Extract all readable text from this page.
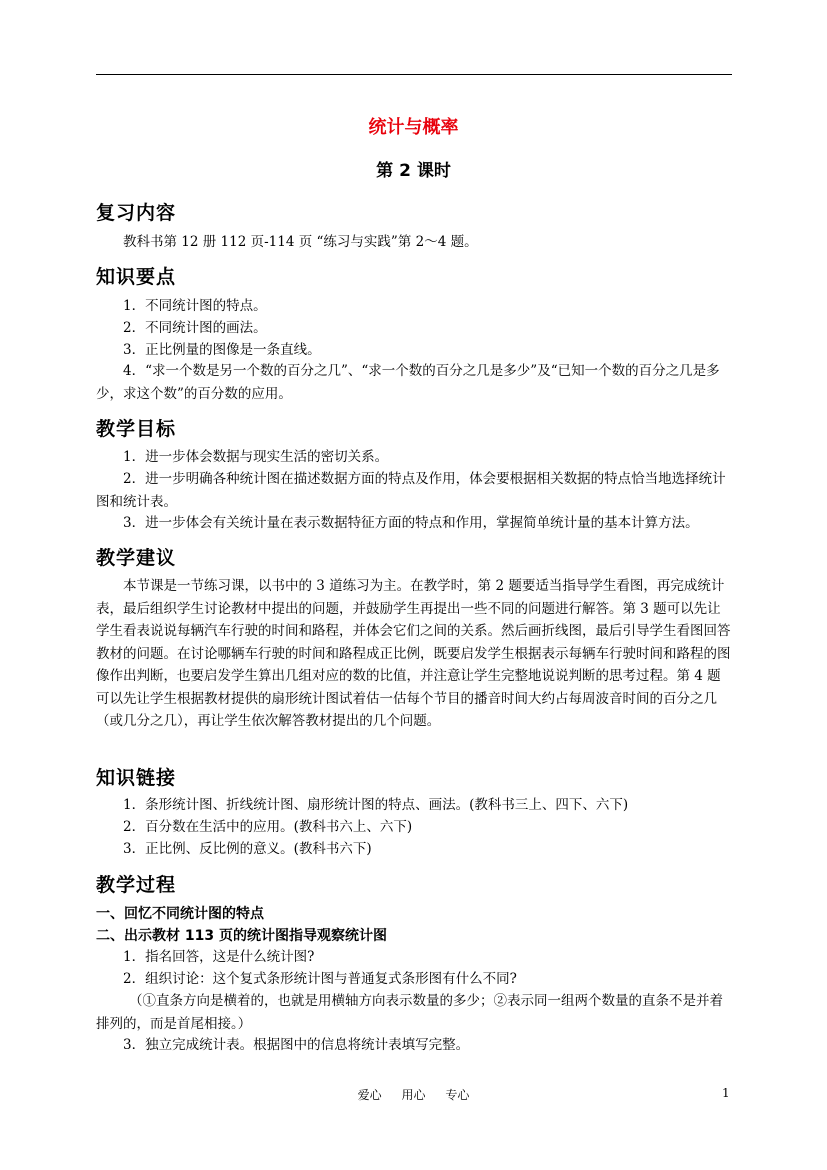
统计与概率
第 2 课时
复习内容
教科书第 12 册 112 页-114 页 “练习与实践”第 2～4 题。
知识要点
1．不同统计图的特点。
2．不同统计图的画法。
3．正比例量的图像是一条直线。
4．“求一个数是另一个数的百分之几”、“求一个数的百分之几是多少”及“已知一个数的百分之几是多少，求这个数”的百分数的应用。
教学目标
1．进一步体会数据与现实生活的密切关系。
2．进一步明确各种统计图在描述数据方面的特点及作用，体会要根据相关数据的特点恰当地选择统计图和统计表。
3．进一步体会有关统计量在表示数据特征方面的特点和作用，掌握简单统计量的基本计算方法。
教学建议
本节课是一节练习课，以书中的 3 道练习为主。在教学时，第 2 题要适当指导学生看图，再完成统计表，最后组织学生讨论教材中提出的问题，并鼓励学生再提出一些不同的问题进行解答。第 3 题可以先让学生看表说说每辆汽车行驶的时间和路程，并体会它们之间的关系。然后画折线图，最后引导学生看图回答教材的问题。在讨论哪辆车行驶的时间和路程成正比例，既要启发学生根据表示每辆车行驶时间和路程的图像作出判断，也要启发学生算出几组对应的数的比值，并注意让学生完整地说说判断的思考过程。第 4 题可以先让学生根据教材提供的扇形统计图试着估一估每个节目的播音时间大约占每周波音时间的百分之几（或几分之几），再让学生依次解答教材提出的几个问题。
知识链接
1．条形统计图、折线统计图、扇形统计图的特点、画法。(教科书三上、四下、六下)
2．百分数在生活中的应用。(教科书六上、六下)
3．正比例、反比例的意义。(教科书六下)
教学过程
一、回忆不同统计图的特点
二、出示教材 113 页的统计图指导观察统计图
1．指名回答，这是什么统计图?
2．组织讨论：这个复式条形统计图与普通复式条形图有什么不同?
（①直条方向是横着的，也就是用横轴方向表示数量的多少；②表示同一组两个数量的直条不是并着排列的，而是首尾相接。）
3．独立完成统计表。根据图中的信息将统计表填写完整。
爱心 用心 专心	1
